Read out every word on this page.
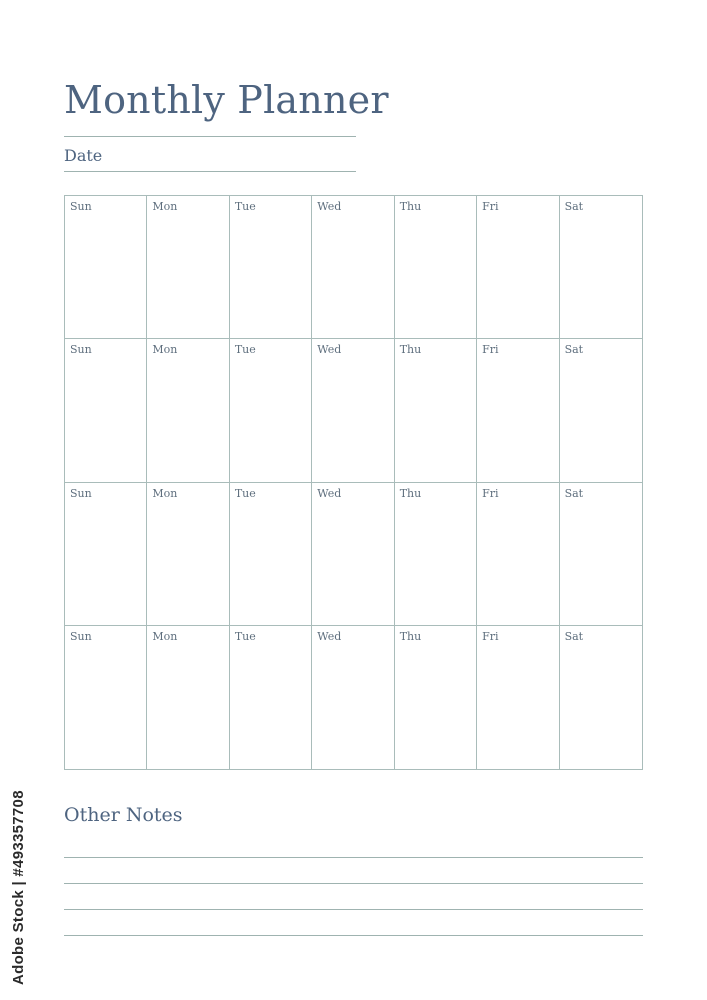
Monthly Planner
Date
Sun	Mon	Tue	Wed	Thu	Fri	Sat
Sun	Mon	Tue	Wed	Thu	Fri	Sat
Sun	Mon	Tue	Wed	Thu	Fri	Sat
Sun	Mon	Tue	Wed	Thu	Fri	Sat
Other Notes
Adobe Stock | #493357708
